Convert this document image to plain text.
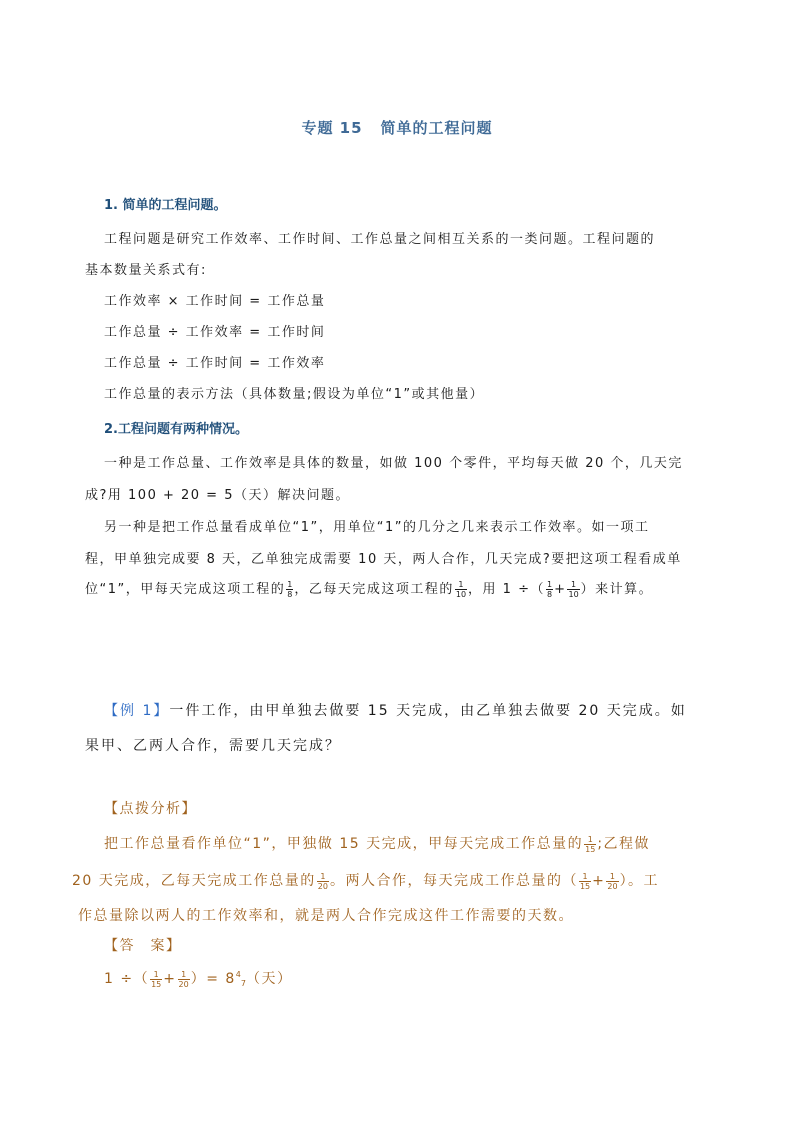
专题 15 简单的工程问题
1. 简单的工程问题。
工程问题是研究工作效率、工作时间、工作总量之间相互关系的一类问题。工程问题的
基本数量关系式有:
工作效率 × 工作时间 = 工作总量
工作总量 ÷ 工作效率 = 工作时间
工作总量 ÷ 工作时间 = 工作效率
工作总量的表示方法（具体数量;假设为单位“1”或其他量）
2.工程问题有两种情况。
一种是工作总量、工作效率是具体的数量，如做 100 个零件，平均每天做 20 个，几天完
成?用 100 + 20 = 5（天）解决问题。
另一种是把工作总量看成单位“1”，用单位“1”的几分之几来表示工作效率。如一项工
程，甲单独完成要 8 天，乙单独完成需要 10 天，两人合作，几天完成?要把这项工程看成单
位“1”，甲每天完成这项工程的 $\frac{1}{8}$ ，乙每天完成这项工程的 $\frac{1}{10}$ ，用 1 ÷（ $\frac{1}{8} + \frac{1}{10}$ ）来计算。
【例 1】一件工作，由甲单独去做要 15 天完成，由乙单独去做要 20 天完成。如
果甲、乙两人合作，需要几天完成？
【点拨分析】
把工作总量看作单位“1”，甲独做 15 天完成，甲每天完成工作总量的 $\frac{1}{15}$ ;乙程做
20 天完成，乙每天完成工作总量的 $\frac{1}{20}$ 。两人合作，每天完成工作总量的（ $\frac{1}{15} + \frac{1}{20}$ ）。工
作总量除以两人的工作效率和，就是两人合作完成这件工作需要的天数。
【答　案】
1 ÷（ $\frac{1}{15} + \frac{1}{20}$ ）= $8^4_7$（天）
